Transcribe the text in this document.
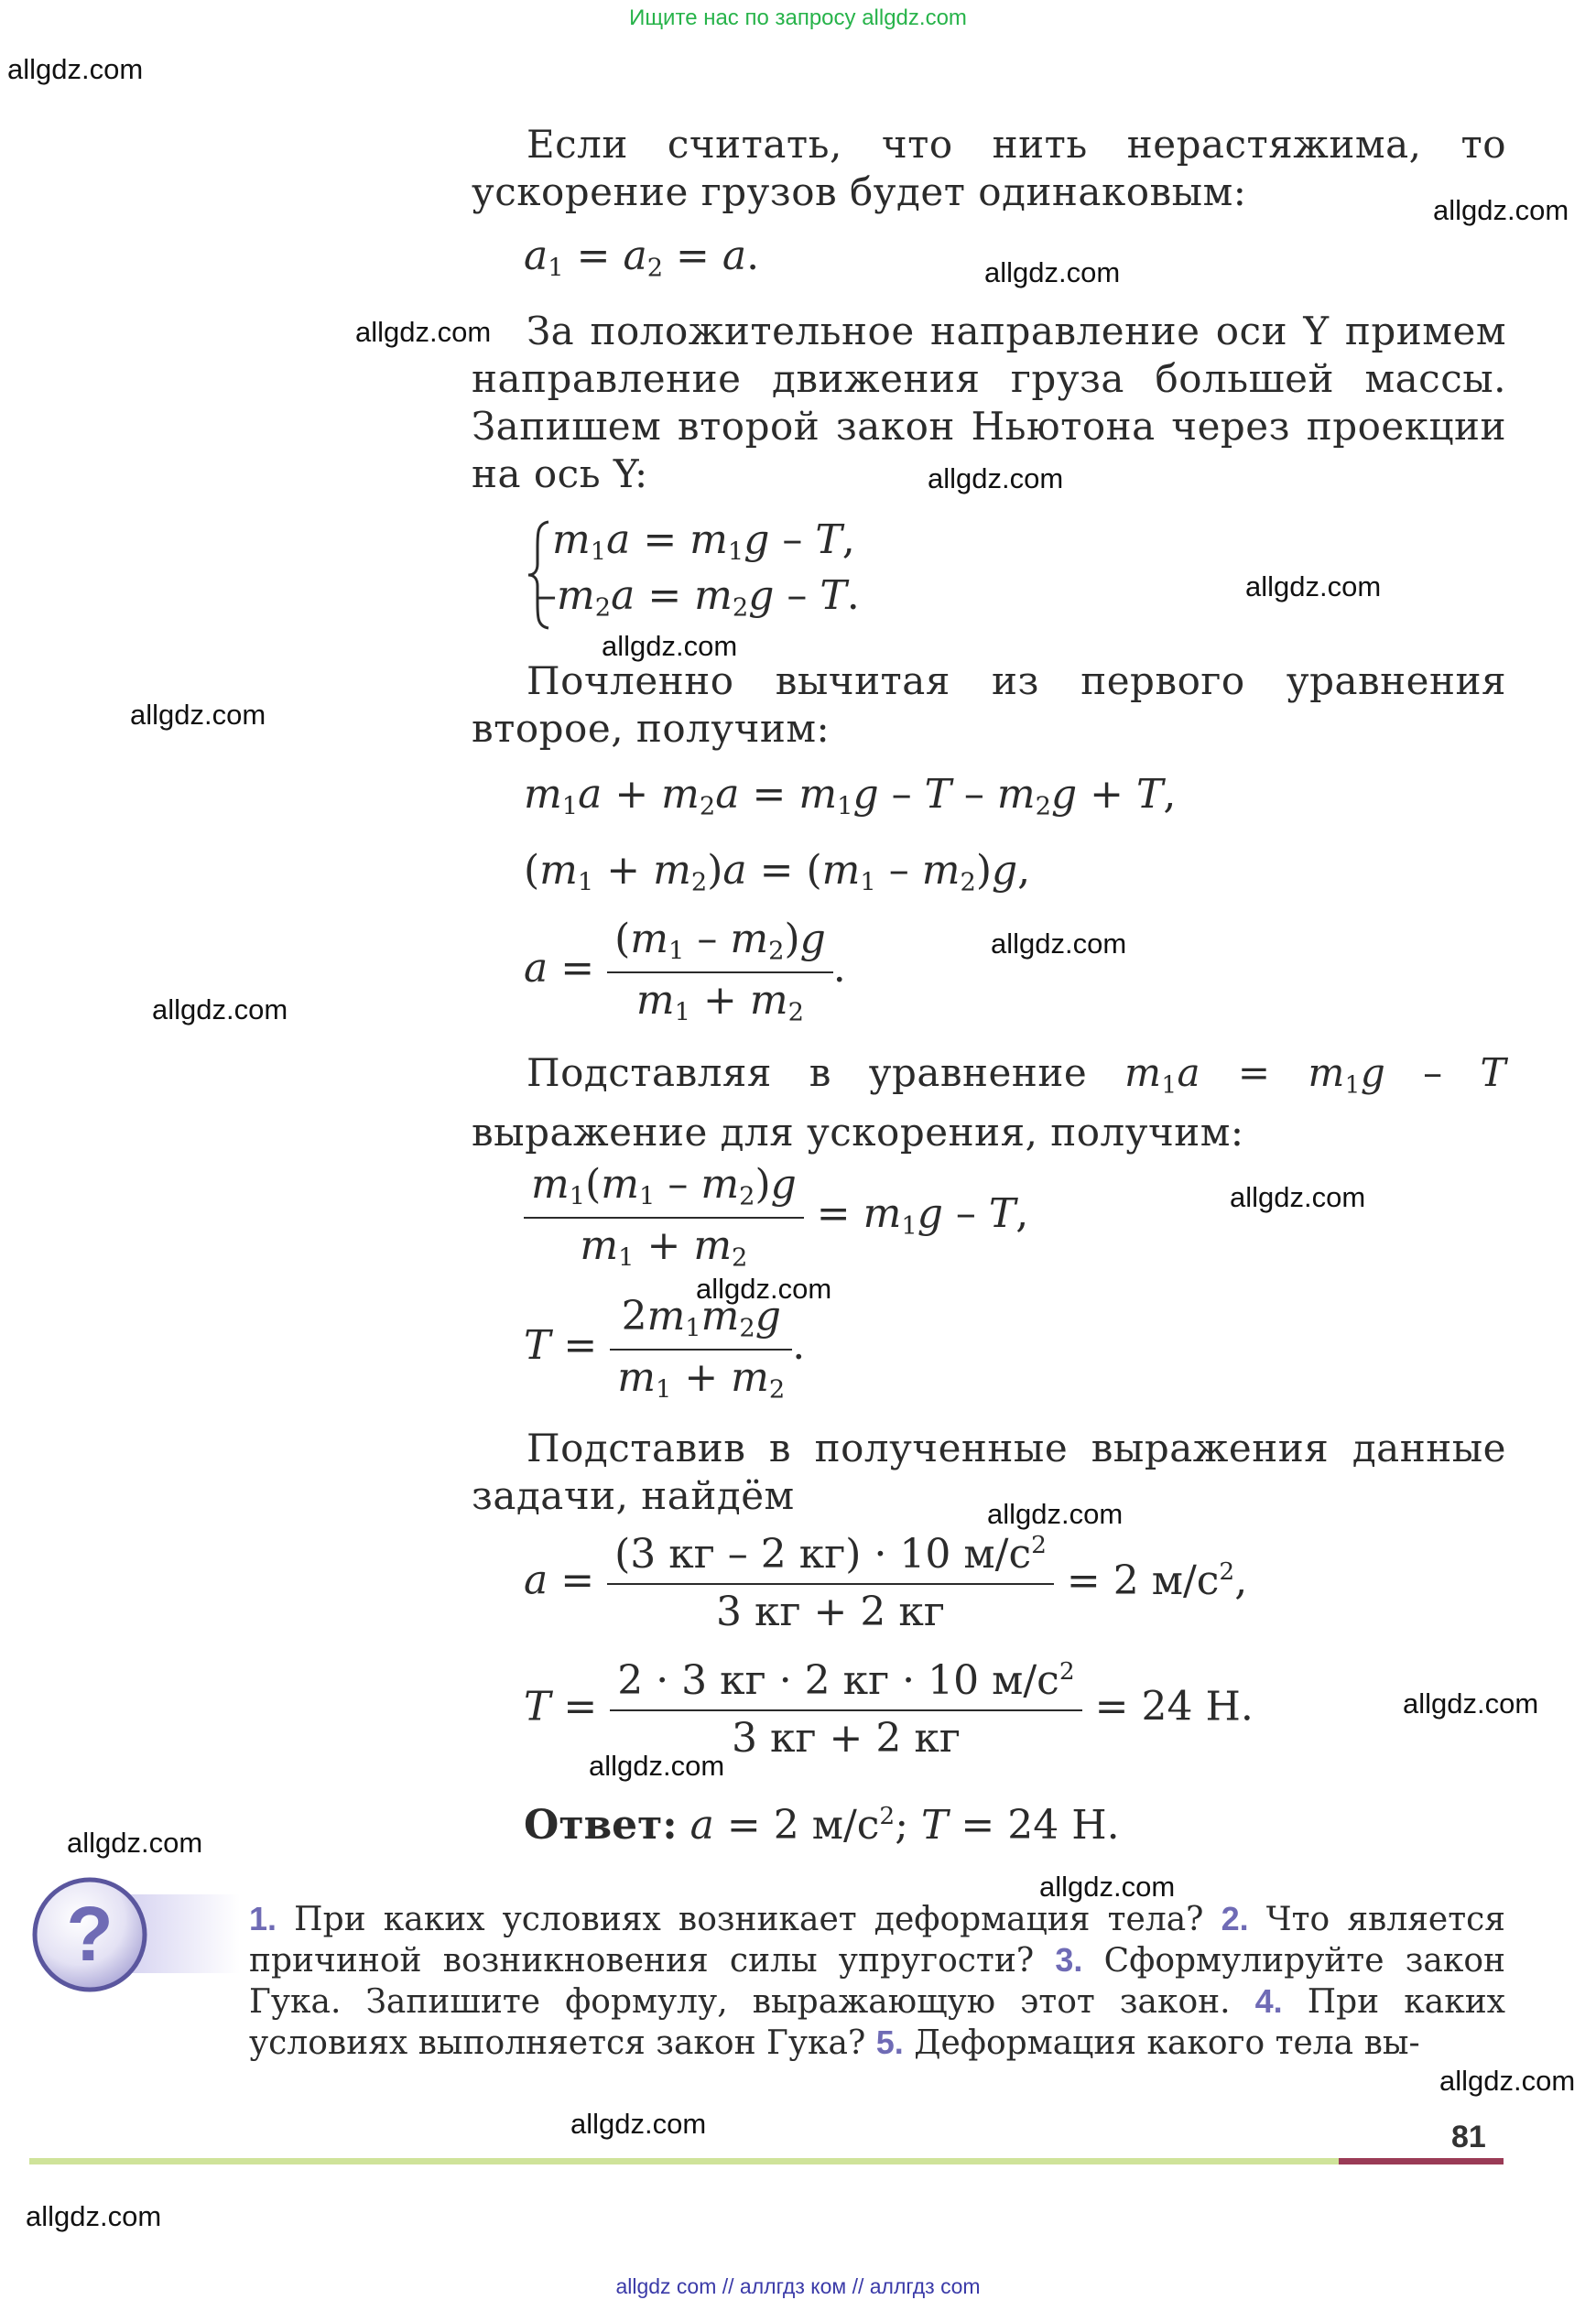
Ищите нас по запросу allgdz.com
allgdz.com
allgdz.com
allgdz.com
allgdz.com
allgdz.com
allgdz.com
allgdz.com
allgdz.com
allgdz.com
allgdz.com
allgdz.com
allgdz.com
allgdz.com
allgdz.com
allgdz.com
allgdz.com
allgdz.com
allgdz.com
allgdz.com
allgdz.com
Если считать, что нить нерастяжима, то ускорение грузов будет одинаковым:
$a_1 = a_2 = a$.
За положительное направление оси Y примем направление движения груза большей массы. Запишем второй закон Ньютона через проекции на ось Y:
$m_1a = m_1g - T$,
$-m_2a = m_2g - T$.
Почленно вычитая из первого уравнения второе, получим:
$m_1a + m_2a = m_1g - T - m_2g + T$,
$(m_1 + m_2)a = (m_1 - m_2)g$,
$a = \frac{(m_1 - m_2)g}{m_1 + m_2}$ .
Подставляя в уравнение $m_1a = m_1g - T$ выражение для ускорения, получим:
$\frac{m_1(m_1 - m_2)g}{m_1 + m_2} = m_1g - T$,
$T = \frac{2m_1m_2g}{m_1 + m_2}$ .
Подставив в полученные выражения данные задачи, найдём
$a = \frac{(3 кг - 2 кг) \cdot 10 м/с^2}{3 кг + 2 кг} = 2$ $м/с^2$,
$T = \frac{2 \cdot 3 кг \cdot 2 кг \cdot 10 м/с^2}{3 кг + 2 кг} = 24$ Н.
Ответ: a = 2 $м/с^2$; T = 24 Н.
?	1. При каких условиях возникает деформация тела? 2. Что является причиной возникновения силы упругости? 3. Сформулируйте закон Гука. Запишите формулу, выражающую этот закон. 4. При каких условиях выполняется закон Гука? 5. Деформация какого тела вы-
81
allgdz com // аллгдз ком // аллгдз com
